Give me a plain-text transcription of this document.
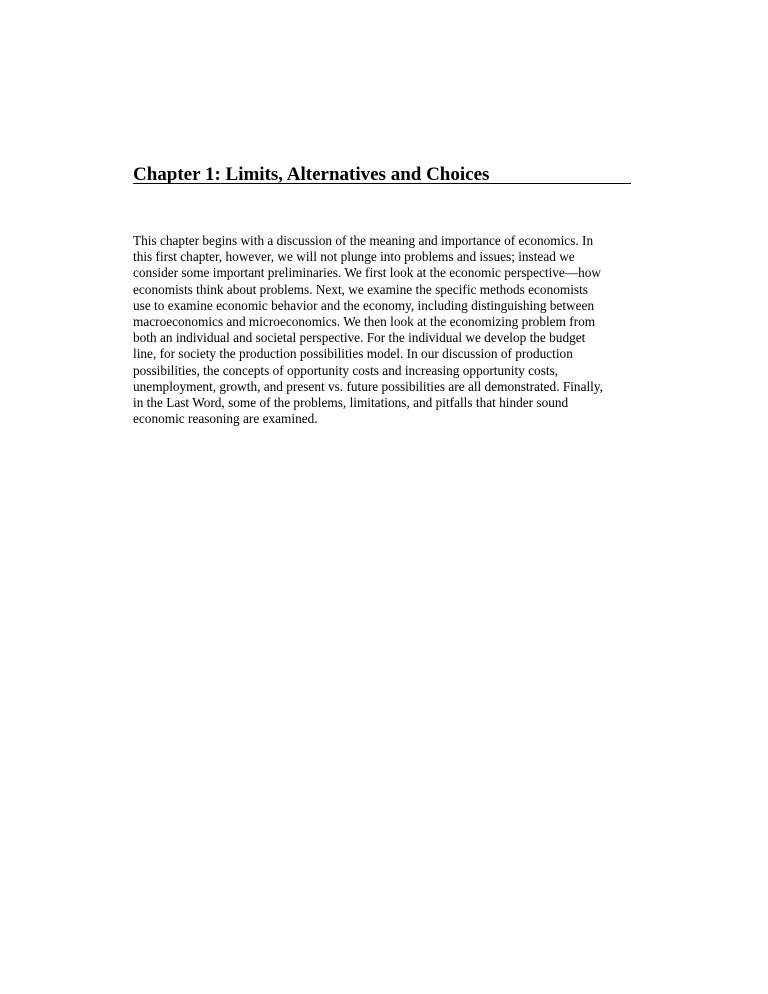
Chapter 1: Limits, Alternatives and Choices

This chapter begins with a discussion of the meaning and importance of economics. In
this first chapter, however, we will not plunge into problems and issues; instead we
consider some important preliminaries. We first look at the economic perspective—how
economists think about problems. Next, we examine the specific methods economists
use to examine economic behavior and the economy, including distinguishing between
macroeconomics and microeconomics. We then look at the economizing problem from
both an individual and societal perspective. For the individual we develop the budget
line, for society the production possibilities model. In our discussion of production
possibilities, the concepts of opportunity costs and increasing opportunity costs,
unemployment, growth, and present vs. future possibilities are all demonstrated. Finally,
in the Last Word, some of the problems, limitations, and pitfalls that hinder sound
economic reasoning are examined.
